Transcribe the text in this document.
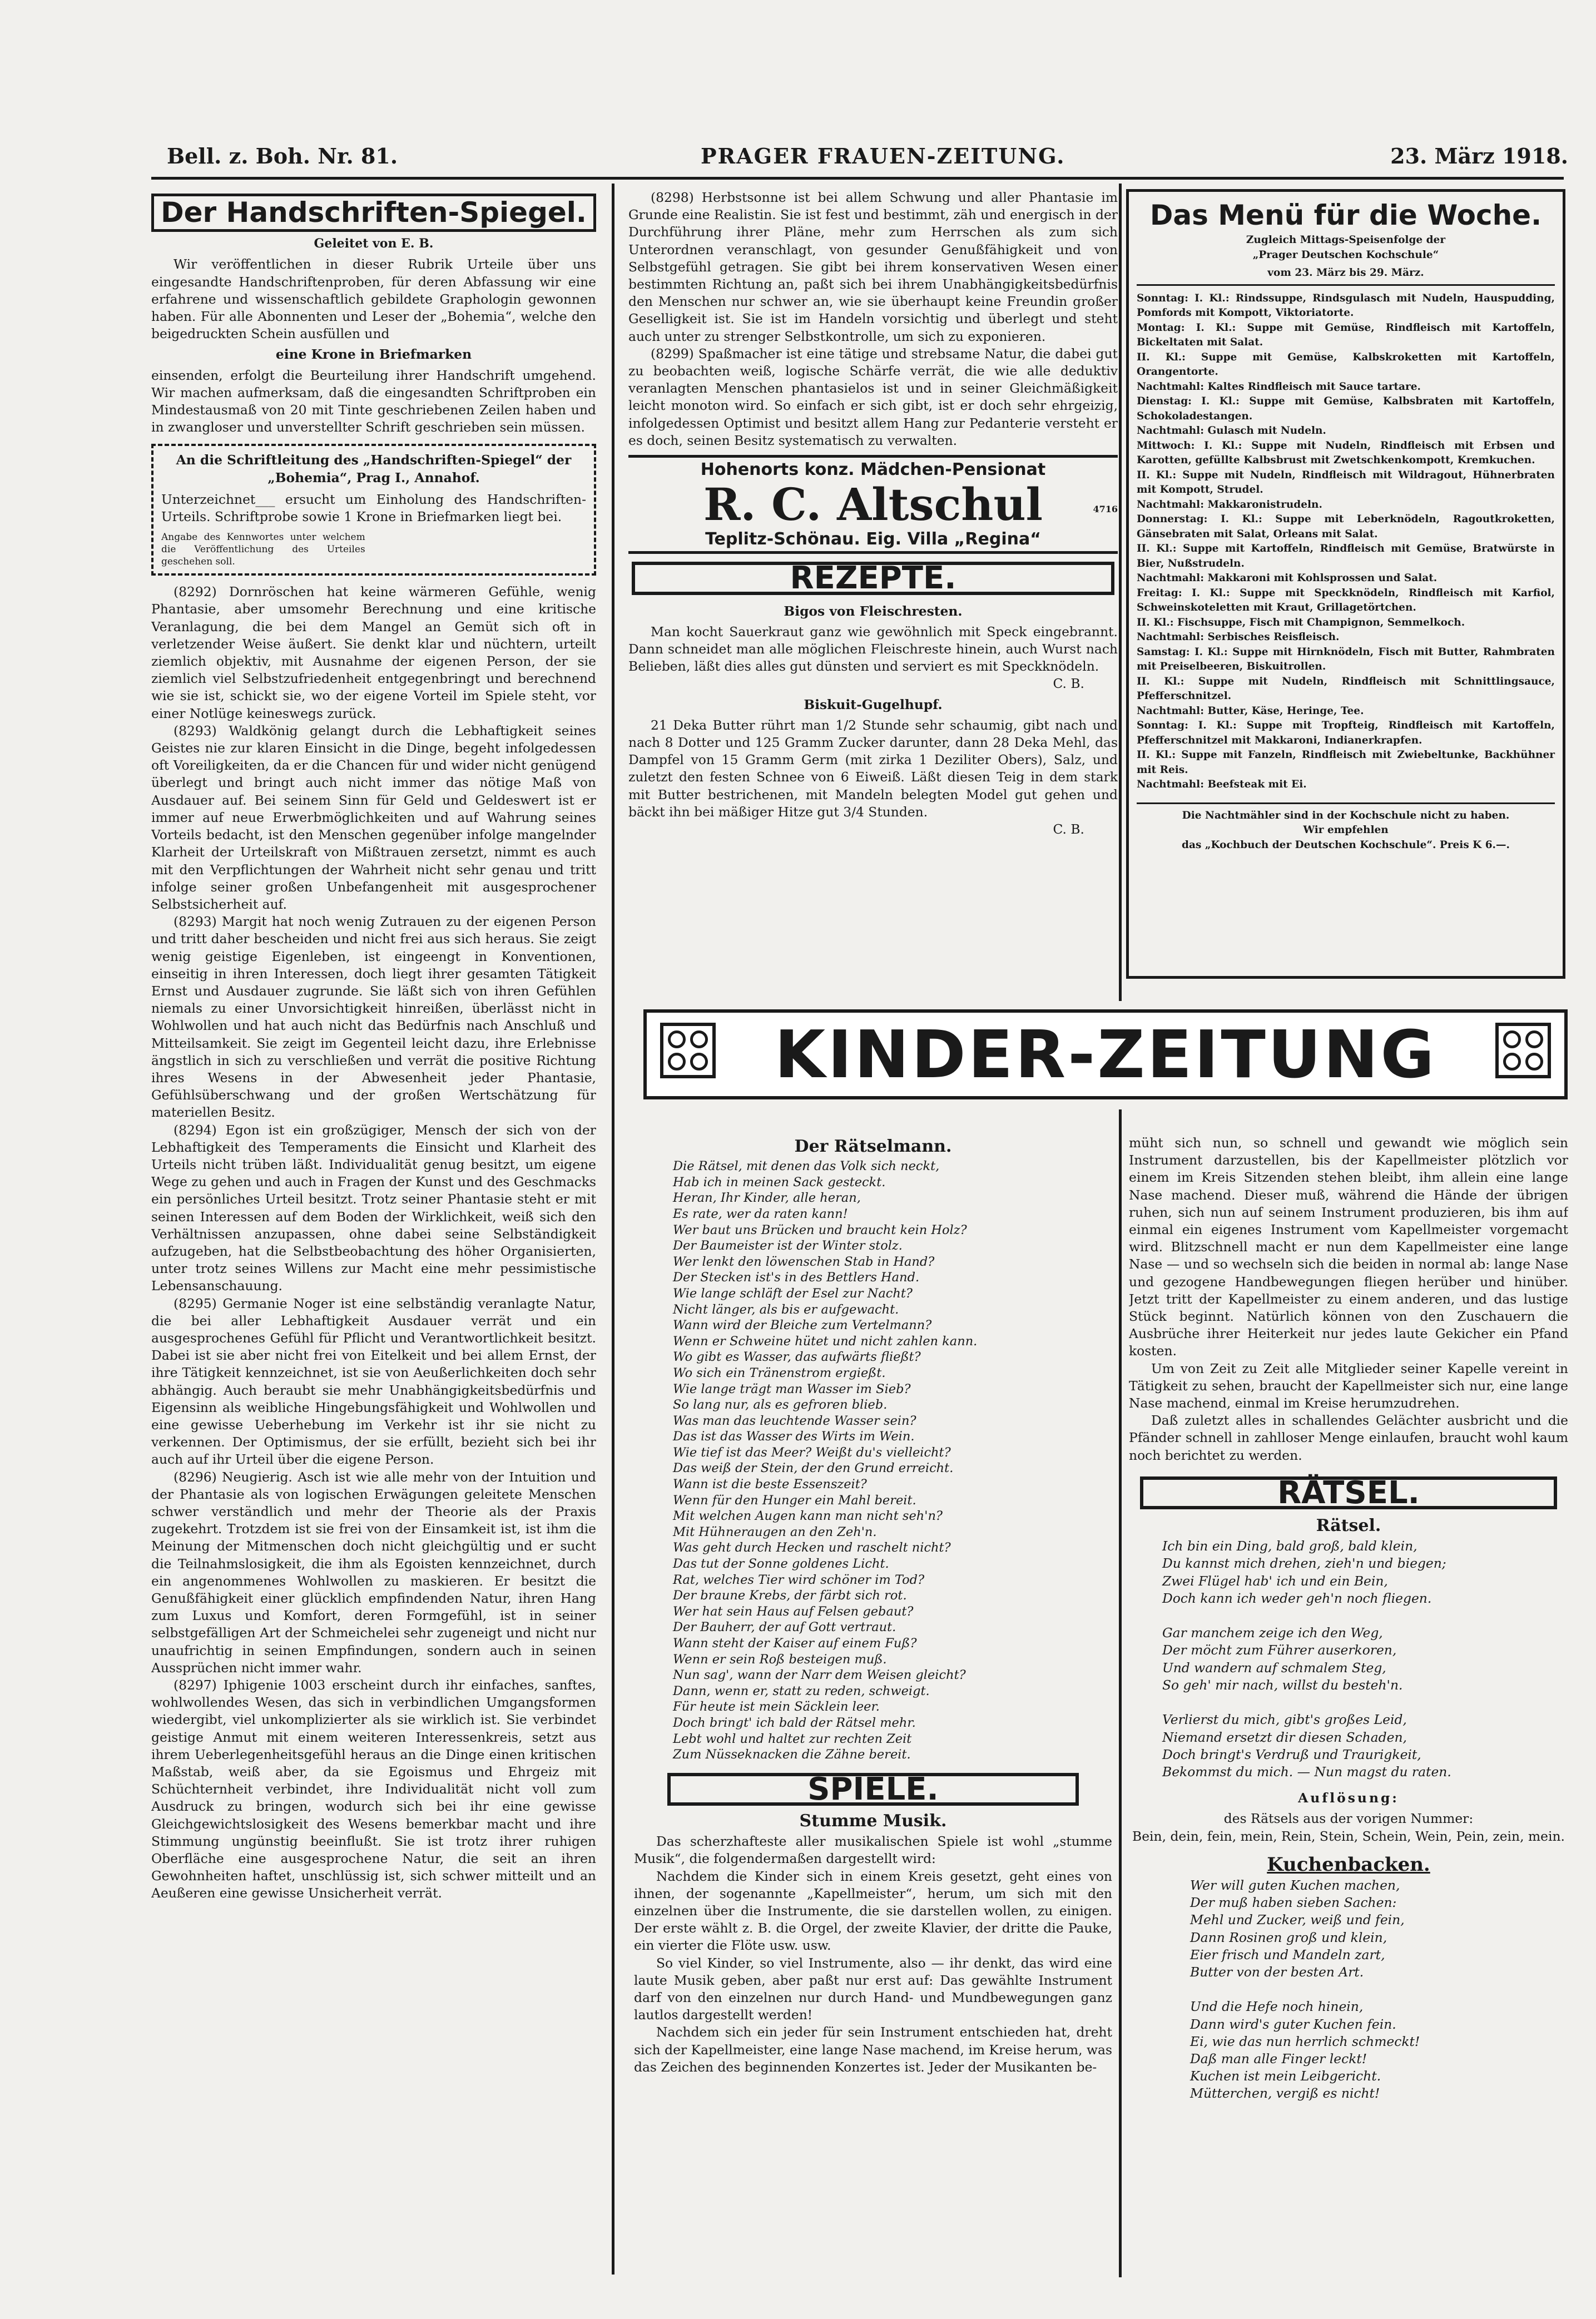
Bell. z. Boh. Nr. 81.	PRAGER FRAUEN-ZEITUNG.	23. März 1918.
Der Handschriften-Spiegel.
Geleitet von E. B.

Wir veröffentlichen in dieser Rubrik Urteile über uns eingesandte Handschriftenproben, für deren Abfassung wir eine erfahrene und wissenschaftlich gebildete Graphologin gewonnen haben. Für alle Abonnenten und Leser der „Bohemia“, welche den beigedruckten Schein ausfüllen und

eine Krone in Briefmarken

einsenden, erfolgt die Beurteilung ihrer Handschrift umgehend. Wir machen aufmerksam, daß die eingesandten Schriftproben ein Mindestausmaß von 20 mit Tinte geschriebenen Zeilen haben und in zwangloser und unverstellter Schrift geschrieben sein müssen.

An die Schriftleitung des „Handschriften-Spiegel“ der „Bohemia“, Prag I., Annahof.
Unterzeichnet___ ersucht um Einholung des Handschriften-Urteils. Schriftprobe sowie 1 Krone in Briefmarken liegt bei.
Angabe des Kennwortes unter welchem die Veröffentlichung des Urteiles geschehen soll.

(8292) Dornröschen hat keine wärmeren Gefühle, wenig Phantasie, aber umsomehr Berechnung und eine kritische Veranlagung, die bei dem Mangel an Gemüt sich oft in verletzender Weise äußert. Sie denkt klar und nüchtern, urteilt ziemlich objektiv, mit Ausnahme der eigenen Person, der sie ziemlich viel Selbstzufriedenheit entgegenbringt und berechnend wie sie ist, schickt sie, wo der eigene Vorteil im Spiele steht, vor einer Notlüge keineswegs zurück.

(8293) Waldkönig gelangt durch die Lebhaftigkeit seines Geistes nie zur klaren Einsicht in die Dinge, begeht infolgedessen oft Voreiligkeiten, da er die Chancen für und wider nicht genügend überlegt und bringt auch nicht immer das nötige Maß von Ausdauer auf. Bei seinem Sinn für Geld und Geldeswert ist er immer auf neue Erwerbmöglichkeiten und auf Wahrung seines Vorteils bedacht, ist den Menschen gegenüber infolge mangelnder Klarheit der Urteilskraft von Mißtrauen zersetzt, nimmt es auch mit den Verpflichtungen der Wahrheit nicht sehr genau und tritt infolge seiner großen Unbefangenheit mit ausgesprochener Selbstsicherheit auf.

(8293) Margit hat noch wenig Zutrauen zu der eigenen Person und tritt daher bescheiden und nicht frei aus sich heraus. Sie zeigt wenig geistige Eigenleben, ist eingeengt in Konventionen, einseitig in ihren Interessen, doch liegt ihrer gesamten Tätigkeit Ernst und Ausdauer zugrunde. Sie läßt sich von ihren Gefühlen niemals zu einer Unvorsichtigkeit hinreißen, überlässt nicht in Wohlwollen und hat auch nicht das Bedürfnis nach Anschluß und Mitteilsamkeit. Sie zeigt im Gegenteil leicht dazu, ihre Erlebnisse ängstlich in sich zu verschließen und verrät die positive Richtung ihres Wesens in der Abwesenheit jeder Phantasie, Gefühlsüberschwang und der großen Wertschätzung für materiellen Besitz.

(8294) Egon ist ein großzügiger, Mensch der sich von der Lebhaftigkeit des Temperaments die Einsicht und Klarheit des Urteils nicht trüben läßt. Individualität genug besitzt, um eigene Wege zu gehen und auch in Fragen der Kunst und des Geschmacks ein persönliches Urteil besitzt. Trotz seiner Phantasie steht er mit seinen Interessen auf dem Boden der Wirklichkeit, weiß sich den Verhältnissen anzupassen, ohne dabei seine Selbständigkeit aufzugeben, hat die Selbstbeobachtung des höher Organisierten, unter trotz seines Willens zur Macht eine mehr pessimistische Lebensanschauung.

(8295) Germanie Noger ist eine selbständig veranlagte Natur, die bei aller Lebhaftigkeit Ausdauer verrät und ein ausgesprochenes Gefühl für Pflicht und Verantwortlichkeit besitzt. Dabei ist sie aber nicht frei von Eitelkeit und bei allem Ernst, der ihre Tätigkeit kennzeichnet, ist sie von Aeußerlichkeiten doch sehr abhängig. Auch beraubt sie mehr Unabhängigkeitsbedürfnis und Eigensinn als weibliche Hingebungsfähigkeit und Wohlwollen und eine gewisse Ueberhebung im Verkehr ist ihr sie nicht zu verkennen. Der Optimismus, der sie erfüllt, bezieht sich bei ihr auch auf ihr Urteil über die eigene Person.

(8296) Neugierig. Asch ist wie alle mehr von der Intuition und der Phantasie als von logischen Erwägungen geleitete Menschen schwer verständlich und mehr der Theorie als der Praxis zugekehrt. Trotzdem ist sie frei von der Einsamkeit ist, ist ihm die Meinung der Mitmenschen doch nicht gleichgültig und er sucht die Teilnahmslosigkeit, die ihm als Egoisten kennzeichnet, durch ein angenommenes Wohlwollen zu maskieren. Er besitzt die Genußfähigkeit einer glücklich empfindenden Natur, ihren Hang zum Luxus und Komfort, deren Formgefühl, ist in seiner selbstgefälligen Art der Schmeichelei sehr zugeneigt und nicht nur unaufrichtig in seinen Empfindungen, sondern auch in seinen Aussprüchen nicht immer wahr.

(8297) Iphigenie 1003 erscheint durch ihr einfaches, sanftes, wohlwollendes Wesen, das sich in verbindlichen Umgangsformen wiedergibt, viel unkomplizierter als sie wirklich ist. Sie verbindet geistige Anmut mit einem weiteren Interessenkreis, setzt aus ihrem Ueberlegenheitsgefühl heraus an die Dinge einen kritischen Maßstab, weiß aber, da sie Egoismus und Ehrgeiz mit Schüchternheit verbindet, ihre Individualität nicht voll zum Ausdruck zu bringen, wodurch sich bei ihr eine gewisse Gleichgewichtslosigkeit des Wesens bemerkbar macht und ihre Stimmung ungünstig beeinflußt. Sie ist trotz ihrer ruhigen Oberfläche eine ausgesprochene Natur, die seit an ihren Gewohnheiten haftet, unschlüssig ist, sich schwer mitteilt und an Aeußeren eine gewisse Unsicherheit verrät.

(8298) Herbstsonne ist bei allem Schwung und aller Phantasie im Grunde eine Realistin. Sie ist fest und bestimmt, zäh und energisch in der Durchführung ihrer Pläne, mehr zum Herrschen als zum sich Unterordnen veranschlagt, von gesunder Genußfähigkeit und von Selbstgefühl getragen. Sie gibt bei ihrem konservativen Wesen einer bestimmten Richtung an, paßt sich bei ihrem Unabhängigkeitsbedürfnis den Menschen nur schwer an, wie sie überhaupt keine Freundin großer Geselligkeit ist. Sie ist im Handeln vorsichtig und überlegt und steht auch unter zu strenger Selbstkontrolle, um sich zu exponieren.

(8299) Spaßmacher ist eine tätige und strebsame Natur, die dabei gut zu beobachten weiß, logische Schärfe verrät, die wie alle deduktiv veranlagten Menschen phantasielos ist und in seiner Gleichmäßigkeit leicht monoton wird. So einfach er sich gibt, ist er doch sehr ehrgeizig, infolgedessen Optimist und besitzt allem Hang zur Pedanterie versteht er es doch, seinen Besitz systematisch zu verwalten.

Hohenorts konz. Mädchen-Pensionat
R. C. Altschul	4716
Teplitz-Schönau. Eig. Villa „Regina“
REZEPTE.
Bigos von Fleischresten.

Man kocht Sauerkraut ganz wie gewöhnlich mit Speck eingebrannt. Dann schneidet man alle möglichen Fleischreste hinein, auch Wurst nach Belieben, läßt dies alles gut dünsten und serviert es mit Speckknödeln.

C. B.
Biskuit-Gugelhupf.

21 Deka Butter rührt man 1/2 Stunde sehr schaumig, gibt nach und nach 8 Dotter und 125 Gramm Zucker darunter, dann 28 Deka Mehl, das Dampfel von 15 Gramm Germ (mit zirka 1 Deziliter Obers), Salz, und zuletzt den festen Schnee von 6 Eiweiß. Läßt diesen Teig in dem stark mit Butter bestrichenen, mit Mandeln belegten Model gut gehen und bäckt ihn bei mäßiger Hitze gut 3/4 Stunden.

C. B.
Das Menü für die Woche.
Zugleich Mittags-Speisenfolge der
„Prager Deutschen Kochschule“
vom 23. März bis 29. März.
Sonntag: I. Kl.: Rindssuppe, Rindsgulasch mit Nudeln, Hauspudding, Pomfords mit Kompott, Viktoriatorte.
Montag: I. Kl.: Suppe mit Gemüse, Rindfleisch mit Kartoffeln, Bickeltaten mit Salat.
II. Kl.: Suppe mit Gemüse, Kalbskroketten mit Kartoffeln, Orangentorte.
Nachtmahl: Kaltes Rindfleisch mit Sauce tartare.
Dienstag: I. Kl.: Suppe mit Gemüse, Kalbsbraten mit Kartoffeln, Schokoladestangen.
Nachtmahl: Gulasch mit Nudeln.
Mittwoch: I. Kl.: Suppe mit Nudeln, Rindfleisch mit Erbsen und Karotten, gefüllte Kalbsbrust mit Zwetschkenkompott, Kremkuchen.
II. Kl.: Suppe mit Nudeln, Rindfleisch mit Wildragout, Hühnerbraten mit Kompott, Strudel.
Nachtmahl: Makkaronistrudeln.
Donnerstag: I. Kl.: Suppe mit Leberknödeln, Ragoutkroketten, Gänsebraten mit Salat, Orleans mit Salat.
II. Kl.: Suppe mit Kartoffeln, Rindfleisch mit Gemüse, Bratwürste in Bier, Nußstrudeln.
Nachtmahl: Makkaroni mit Kohlsprossen und Salat.
Freitag: I. Kl.: Suppe mit Speckknödeln, Rindfleisch mit Karfiol, Schweinskoteletten mit Kraut, Grillagetörtchen.
II. Kl.: Fischsuppe, Fisch mit Champignon, Semmelkoch.
Nachtmahl: Serbisches Reisfleisch.
Samstag: I. Kl.: Suppe mit Hirnknödeln, Fisch mit Butter, Rahmbraten mit Preiselbeeren, Biskuitrollen.
II. Kl.: Suppe mit Nudeln, Rindfleisch mit Schnittlingsauce, Pfefferschnitzel.
Nachtmahl: Butter, Käse, Heringe, Tee.
Sonntag: I. Kl.: Suppe mit Tropfteig, Rindfleisch mit Kartoffeln, Pfefferschnitzel mit Makkaroni, Indianerkrapfen.
II. Kl.: Suppe mit Fanzeln, Rindfleisch mit Zwiebeltunke, Backhühner mit Reis.
Nachtmahl: Beefsteak mit Ei.
Die Nachtmähler sind in der Kochschule nicht zu haben.
Wir empfehlen
das „Kochbuch der Deutschen Kochschule“. Preis K 6.—.
KINDER-ZEITUNG
Der Rätselmann.
Die Rätsel, mit denen das Volk sich neckt,
Hab ich in meinen Sack gesteckt.
Heran, Ihr Kinder, alle heran,
Es rate, wer da raten kann!
Wer baut uns Brücken und braucht kein Holz?
Der Baumeister ist der Winter stolz.
Wer lenkt den löwenschen Stab in Hand?
Der Stecken ist's in des Bettlers Hand.
Wie lange schläft der Esel zur Nacht?
Nicht länger, als bis er aufgewacht.
Wann wird der Bleiche zum Vertelmann?
Wenn er Schweine hütet und nicht zahlen kann.
Wo gibt es Wasser, das aufwärts fließt?
Wo sich ein Tränenstrom ergießt.
Wie lange trägt man Wasser im Sieb?
So lang nur, als es gefroren blieb.
Was man das leuchtende Wasser sein?
Das ist das Wasser des Wirts im Wein.
Wie tief ist das Meer? Weißt du's vielleicht?
Das weiß der Stein, der den Grund erreicht.
Wann ist die beste Essenszeit?
Wenn für den Hunger ein Mahl bereit.
Mit welchen Augen kann man nicht seh'n?
Mit Hühneraugen an den Zeh'n.
Was geht durch Hecken und raschelt nicht?
Das tut der Sonne goldenes Licht.
Rat, welches Tier wird schöner im Tod?
Der braune Krebs, der färbt sich rot.
Wer hat sein Haus auf Felsen gebaut?
Der Bauherr, der auf Gott vertraut.
Wann steht der Kaiser auf einem Fuß?
Wenn er sein Roß besteigen muß.
Nun sag', wann der Narr dem Weisen gleicht?
Dann, wenn er, statt zu reden, schweigt.
Für heute ist mein Säcklein leer.
Doch bringt' ich bald der Rätsel mehr.
Lebt wohl und haltet zur rechten Zeit
Zum Nüsseknacken die Zähne bereit.
SPIELE.
Stumme Musik.

Das scherzhafteste aller musikalischen Spiele ist wohl „stumme Musik“, die folgendermaßen dargestellt wird:

Nachdem die Kinder sich in einem Kreis gesetzt, geht eines von ihnen, der sogenannte „Kapellmeister“, herum, um sich mit den einzelnen über die Instrumente, die sie darstellen wollen, zu einigen. Der erste wählt z. B. die Orgel, der zweite Klavier, der dritte die Pauke, ein vierter die Flöte usw. usw.

So viel Kinder, so viel Instrumente, also — ihr denkt, das wird eine laute Musik geben, aber paßt nur erst auf: Das gewählte Instrument darf von den einzelnen nur durch Hand- und Mundbewegungen ganz lautlos dargestellt werden!

Nachdem sich ein jeder für sein Instrument entschieden hat, dreht sich der Kapellmeister, eine lange Nase machend, im Kreise herum, was das Zeichen des beginnenden Konzertes ist. Jeder der Musikanten be-

müht sich nun, so schnell und gewandt wie möglich sein Instrument darzustellen, bis der Kapellmeister plötzlich vor einem im Kreis Sitzenden stehen bleibt, ihm allein eine lange Nase machend. Dieser muß, während die Hände der übrigen ruhen, sich nun auf seinem Instrument produzieren, bis ihm auf einmal ein eigenes Instrument vom Kapellmeister vorgemacht wird. Blitzschnell macht er nun dem Kapellmeister eine lange Nase — und so wechseln sich die beiden in normal ab: lange Nase und gezogene Handbewegungen fliegen herüber und hinüber. Jetzt tritt der Kapellmeister zu einem anderen, und das lustige Stück beginnt. Natürlich können von den Zuschauern die Ausbrüche ihrer Heiterkeit nur jedes laute Gekicher ein Pfand kosten.

Um von Zeit zu Zeit alle Mitglieder seiner Kapelle vereint in Tätigkeit zu sehen, braucht der Kapellmeister sich nur, eine lange Nase machend, einmal im Kreise herumzudrehen.

Daß zuletzt alles in schallendes Gelächter ausbricht und die Pfänder schnell in zahlloser Menge einlaufen, braucht wohl kaum noch berichtet zu werden.

RÄTSEL.
Rätsel.
Ich bin ein Ding, bald groß, bald klein,
Du kannst mich drehen, zieh'n und biegen;
Zwei Flügel hab' ich und ein Bein,
Doch kann ich weder geh'n noch fliegen.

Gar manchem zeige ich den Weg,
Der möcht zum Führer auserkoren,
Und wandern auf schmalem Steg,
So geh' mir nach, willst du besteh'n.

Verlierst du mich, gibt's großes Leid,
Niemand ersetzt dir diesen Schaden,
Doch bringt's Verdruß und Traurigkeit,
Bekommst du mich. — Nun magst du raten.
Auflösung:
des Rätsels aus der vorigen Nummer:
Bein, dein, fein, mein, Rein, Stein, Schein, Wein, Pein, zein, mein.
Kuchenbacken.
Wer will guten Kuchen machen,
Der muß haben sieben Sachen:
Mehl und Zucker, weiß und fein,
Dann Rosinen groß und klein,
Eier frisch und Mandeln zart,
Butter von der besten Art.

Und die Hefe noch hinein,
Dann wird's guter Kuchen fein.
Ei, wie das nun herrlich schmeckt!
Daß man alle Finger leckt!
Kuchen ist mein Leibgericht.
Mütterchen, vergiß es nicht!
